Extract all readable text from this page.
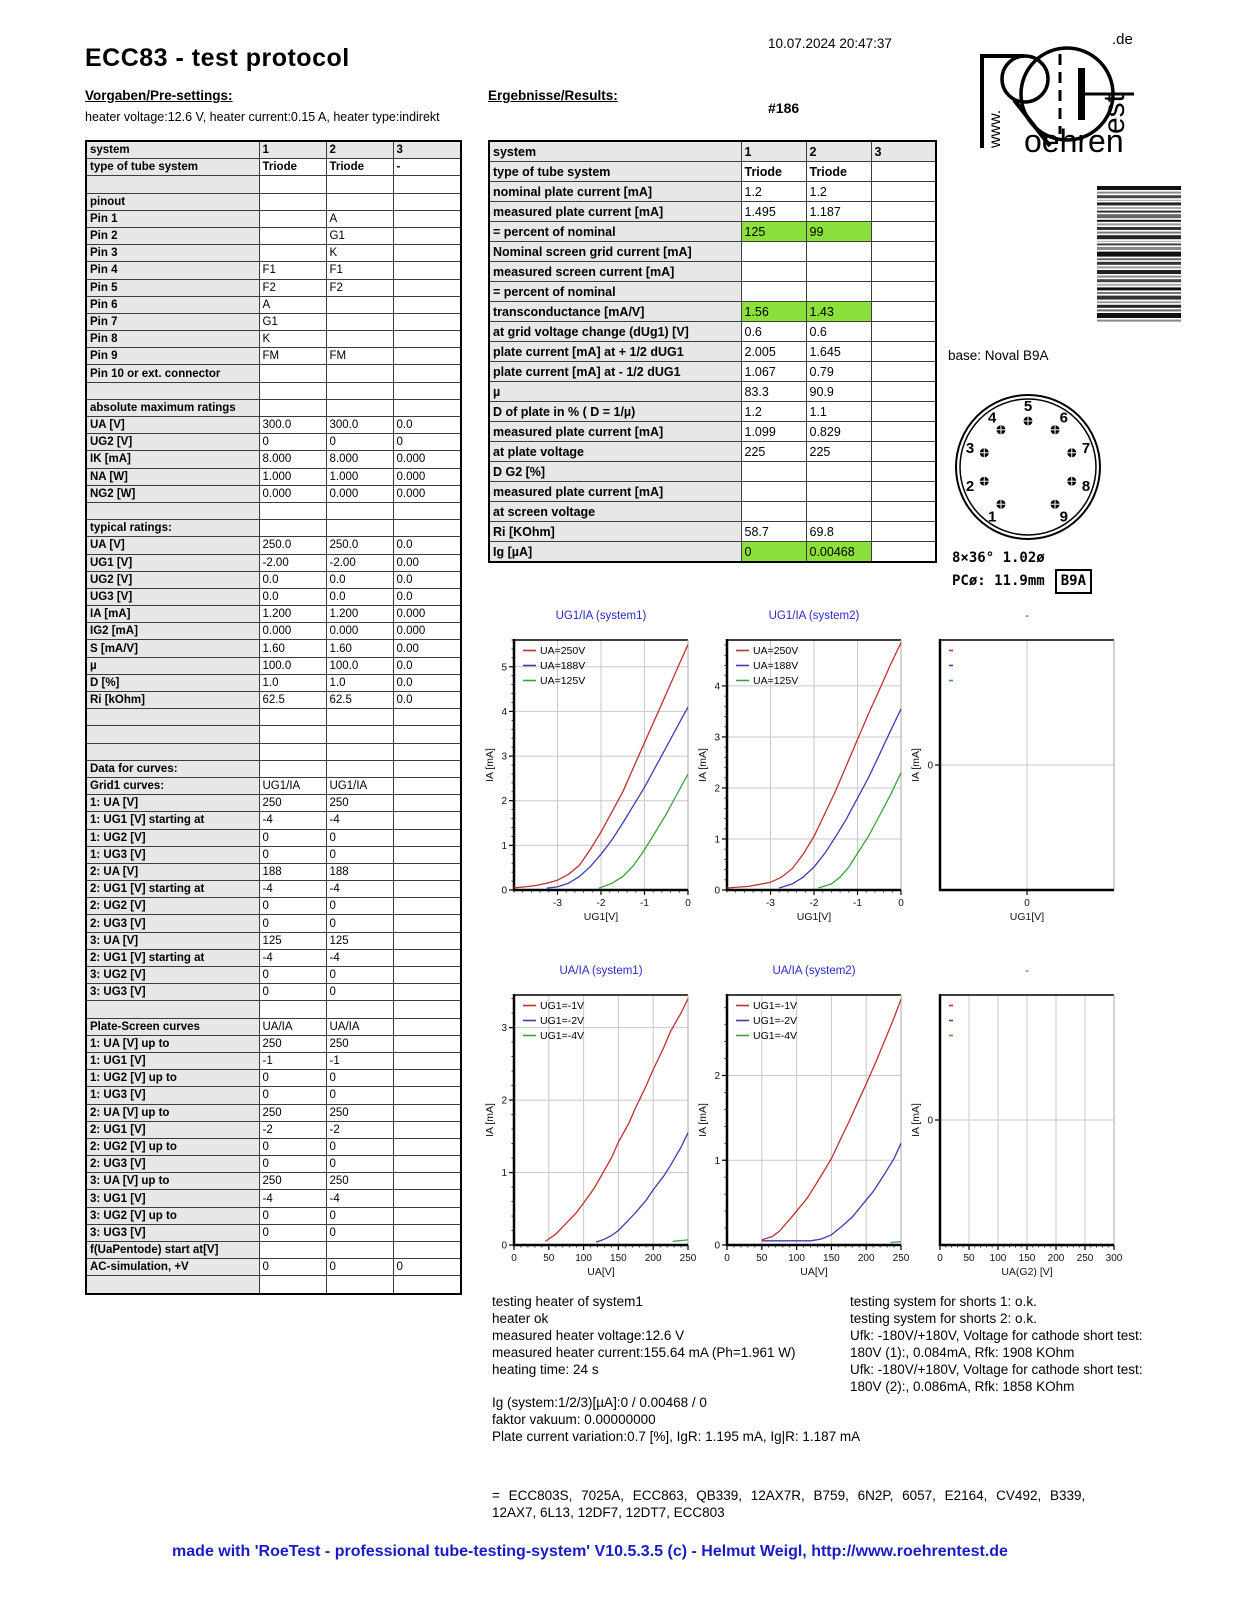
10.07.2024 20:47:37
ECC83 - test protocol
oehren
est
.de
www.
Vorgaben/Pre-settings:	Ergebnisse/Results:
heater voltage:12.6 V, heater current:0.15 A, heater type:indirekt
#186
system	1	2	3
type of tube system	Triode	Triode	-

pinout			
Pin 1		A	
Pin 2		G1	
Pin 3		K	
Pin 4	F1	F1	
Pin 5	F2	F2	
Pin 6	A		
Pin 7	G1		
Pin 8	K		
Pin 9	FM	FM	
Pin 10 or ext. connector			

absolute maximum ratings			
UA [V]	300.0	300.0	0.0
UG2 [V]	0	0	0
IK [mA]	8.000	8.000	0.000
NA [W]	1.000	1.000	0.000
NG2 [W]	0.000	0.000	0.000

typical ratings:			
UA [V]	250.0	250.0	0.0
UG1 [V]	-2.00	-2.00	0.00
UG2 [V]	0.0	0.0	0.0
UG3 [V]	0.0	0.0	0.0
IA [mA]	1.200	1.200	0.000
IG2 [mA]	0.000	0.000	0.000
S [mA/V]	1.60	1.60	0.00
µ	100.0	100.0	0.0
D [%]	1.0	1.0	0.0
Ri [kOhm]	62.5	62.5	0.0

Data for curves:			
Grid1 curves:	UG1/IA	UG1/IA	
1: UA [V]	250	250	
1: UG1 [V] starting at	-4	-4	
1: UG2 [V]	0	0	
1: UG3 [V]	0	0	
2: UA [V]	188	188	
2: UG1 [V] starting at	-4	-4	
2: UG2 [V]	0	0	
2: UG3 [V]	0	0	
3: UA [V]	125	125	
2: UG1 [V] starting at	-4	-4	
3: UG2 [V]	0	0	
3: UG3 [V]	0	0	

Plate-Screen curves	UA/IA	UA/IA	
1: UA [V] up to	250	250	
1: UG1 [V]	-1	-1	
1: UG2 [V] up to	0	0	
1: UG3 [V]	0	0	
2: UA [V] up to	250	250	
2: UG1 [V]	-2	-2	
2: UG2 [V] up to	0	0	
2: UG3 [V]	0	0	
3: UA [V] up to	250	250	
3: UG1 [V]	-4	-4	
3: UG2 [V] up to	0	0	
3: UG3 [V]	0	0	
f(UaPentode) start at[V]			
AC-simulation, +V	0	0	0

system	1	2	3
type of tube system	Triode	Triode	
nominal plate current [mA]	1.2	1.2	
measured plate current [mA]	1.495	1.187	
= percent of nominal	125	99	
Nominal screen grid current [mA]			
measured screen current [mA]			
= percent of nominal			
transconductance [mA/V]	1.56	1.43	
at grid voltage change (dUg1) [V]	0.6	0.6	
plate current [mA] at + 1/2 dUG1	2.005	1.645	
plate current [mA] at - 1/2 dUG1	1.067	0.79	
µ	83.3	90.9	
D of plate in % ( D = 1/µ)	1.2	1.1	
measured plate current [mA]	1.099	0.829	
at plate voltage	225	225	
D G2 [%]			
measured plate current [mA]			
at screen voltage			
Ri [KOhm]	58.7	69.8	
Ig [µA]	0	0.00468	
base: Noval B9A
1
2
3
4
5
6
7
8
9
8×36° 1.02ø
PCø: 11.9mm B9A
-3	-2	-1	0
0
1
2
3
4
5
UA=250V
UA=188V
UA=125V
UG1/IA (system1)
UG1[V]
IA [mA]
-3	-2	-1	0
0
1
2
3
4
UA=250V
UA=188V
UA=125V
UG1/IA (system2)
UG1[V]
IA [mA]
0
0
-
UG1[V]
IA [mA]
0	50 100 150 200 250
0
1
2
3
UG1=-1V
UG1=-2V
UG1=-4V
UA/IA (system1)
UA[V]
IA [mA]
0	50 100 150 200 250
0
1
2
UG1=-1V
UG1=-2V
UG1=-4V
UA/IA (system2)
UA[V]
IA [mA]
0 50 100 150 200 250 300
0
-
UA(G2) [V]
IA [mA]
testing heater of system1
heater ok
measured heater voltage:12.6 V
measured heater current:155.64 mA (Ph=1.961 W)
heating time: 24 s
Ig (system:1/2/3)[µA]:0 / 0.00468 / 0
faktor vakuum: 0.00000000
Plate current variation:0.7 [%], IgR: 1.195 mA, Ig|R: 1.187 mA
testing system for shorts 1: o.k.
testing system for shorts 2: o.k.
Ufk: -180V/+180V, Voltage for cathode short test:
180V (1):, 0.084mA, Rfk: 1908 KOhm
Ufk: -180V/+180V, Voltage for cathode short test:
180V (2):, 0.086mA, Rfk: 1858 KOhm
= ECC803S, 7025A, ECC863, QB339, 12AX7R, B759, 6N2P, 6057, E2164, CV492, B339,
12AX7, 6L13, 12DF7, 12DT7, ECC803
made with 'RoeTest - professional tube-testing-system' V10.5.3.5 (c) - Helmut Weigl, http://www.roehrentest.de
